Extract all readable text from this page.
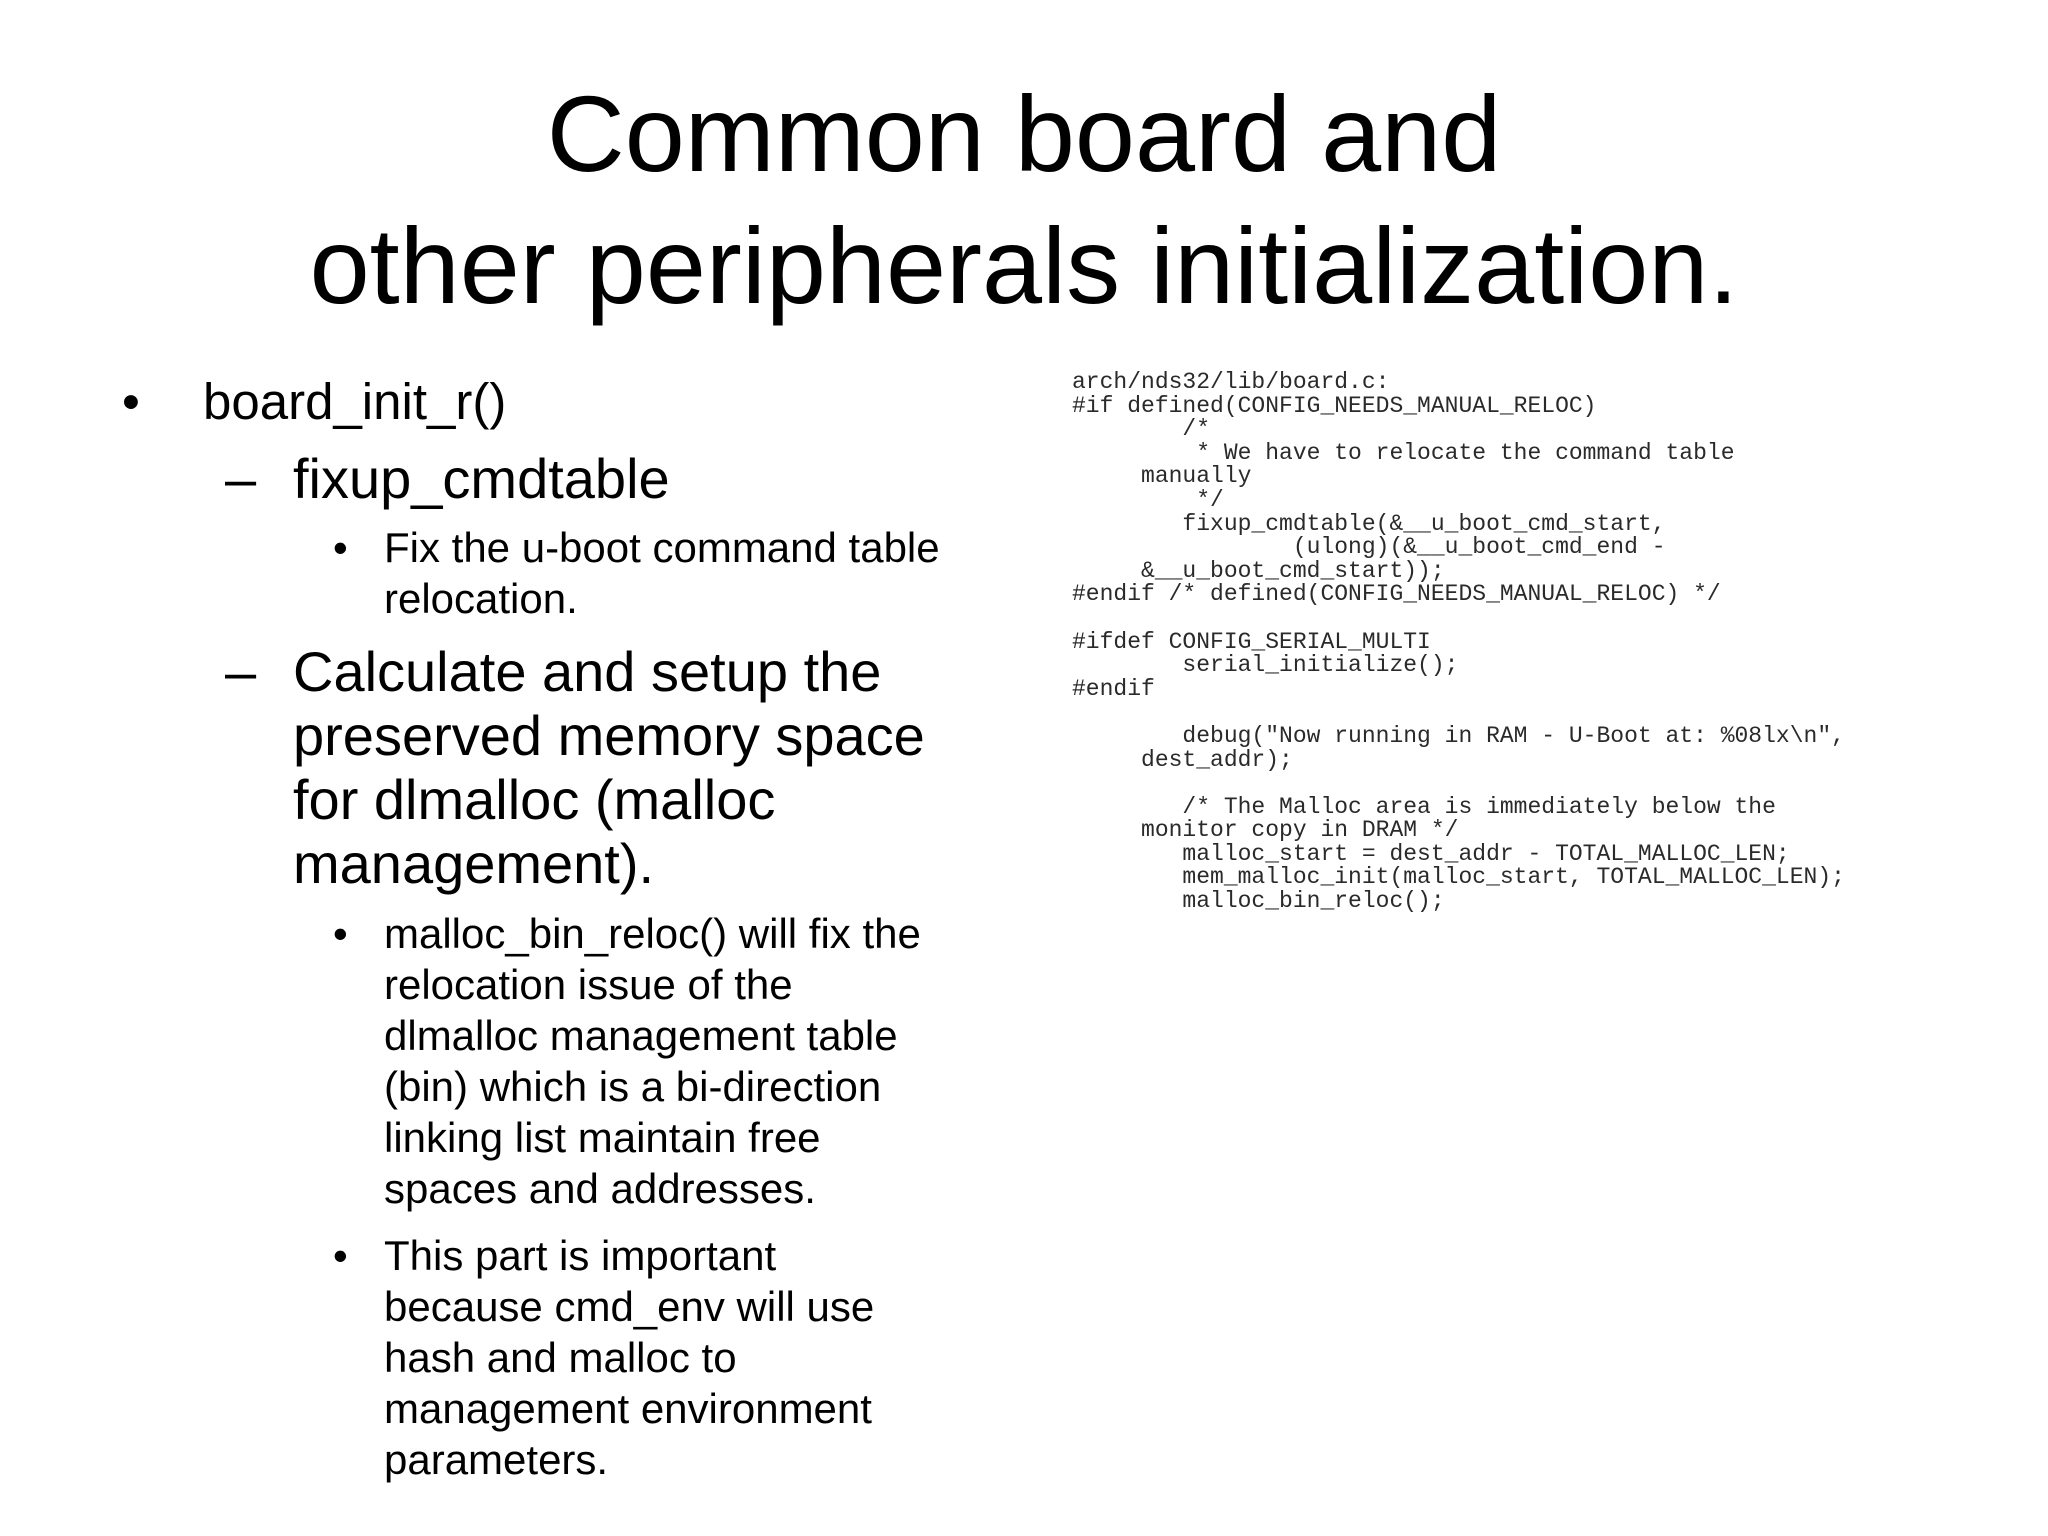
Common board and
other peripherals initialization.
• board_init_r()
– fixup_cmdtable
• Fix the u-boot command table
relocation.
– Calculate and setup the
preserved memory space
for dlmalloc (malloc
management).
• malloc_bin_reloc() will fix the
relocation issue of the
dlmalloc management table
(bin) which is a bi-direction
linking list maintain free
spaces and addresses.
• This part is important
because cmd_env will use
hash and malloc to
management environment
parameters.
arch/nds32/lib/board.c:
#if defined(CONFIG_NEEDS_MANUAL_RELOC)
/*
* We have to relocate the command table
manually
*/
fixup_cmdtable(&__u_boot_cmd_start,
(ulong)(&__u_boot_cmd_end -
&__u_boot_cmd_start));
#endif /* defined(CONFIG_NEEDS_MANUAL_RELOC) */
#ifdef CONFIG_SERIAL_MULTI
serial_initialize();
#endif
debug("Now running in RAM - U-Boot at: %08lx\n",
dest_addr);
/* The Malloc area is immediately below the
monitor copy in DRAM */
malloc_start = dest_addr - TOTAL_MALLOC_LEN;
mem_malloc_init(malloc_start, TOTAL_MALLOC_LEN);
malloc_bin_reloc();
